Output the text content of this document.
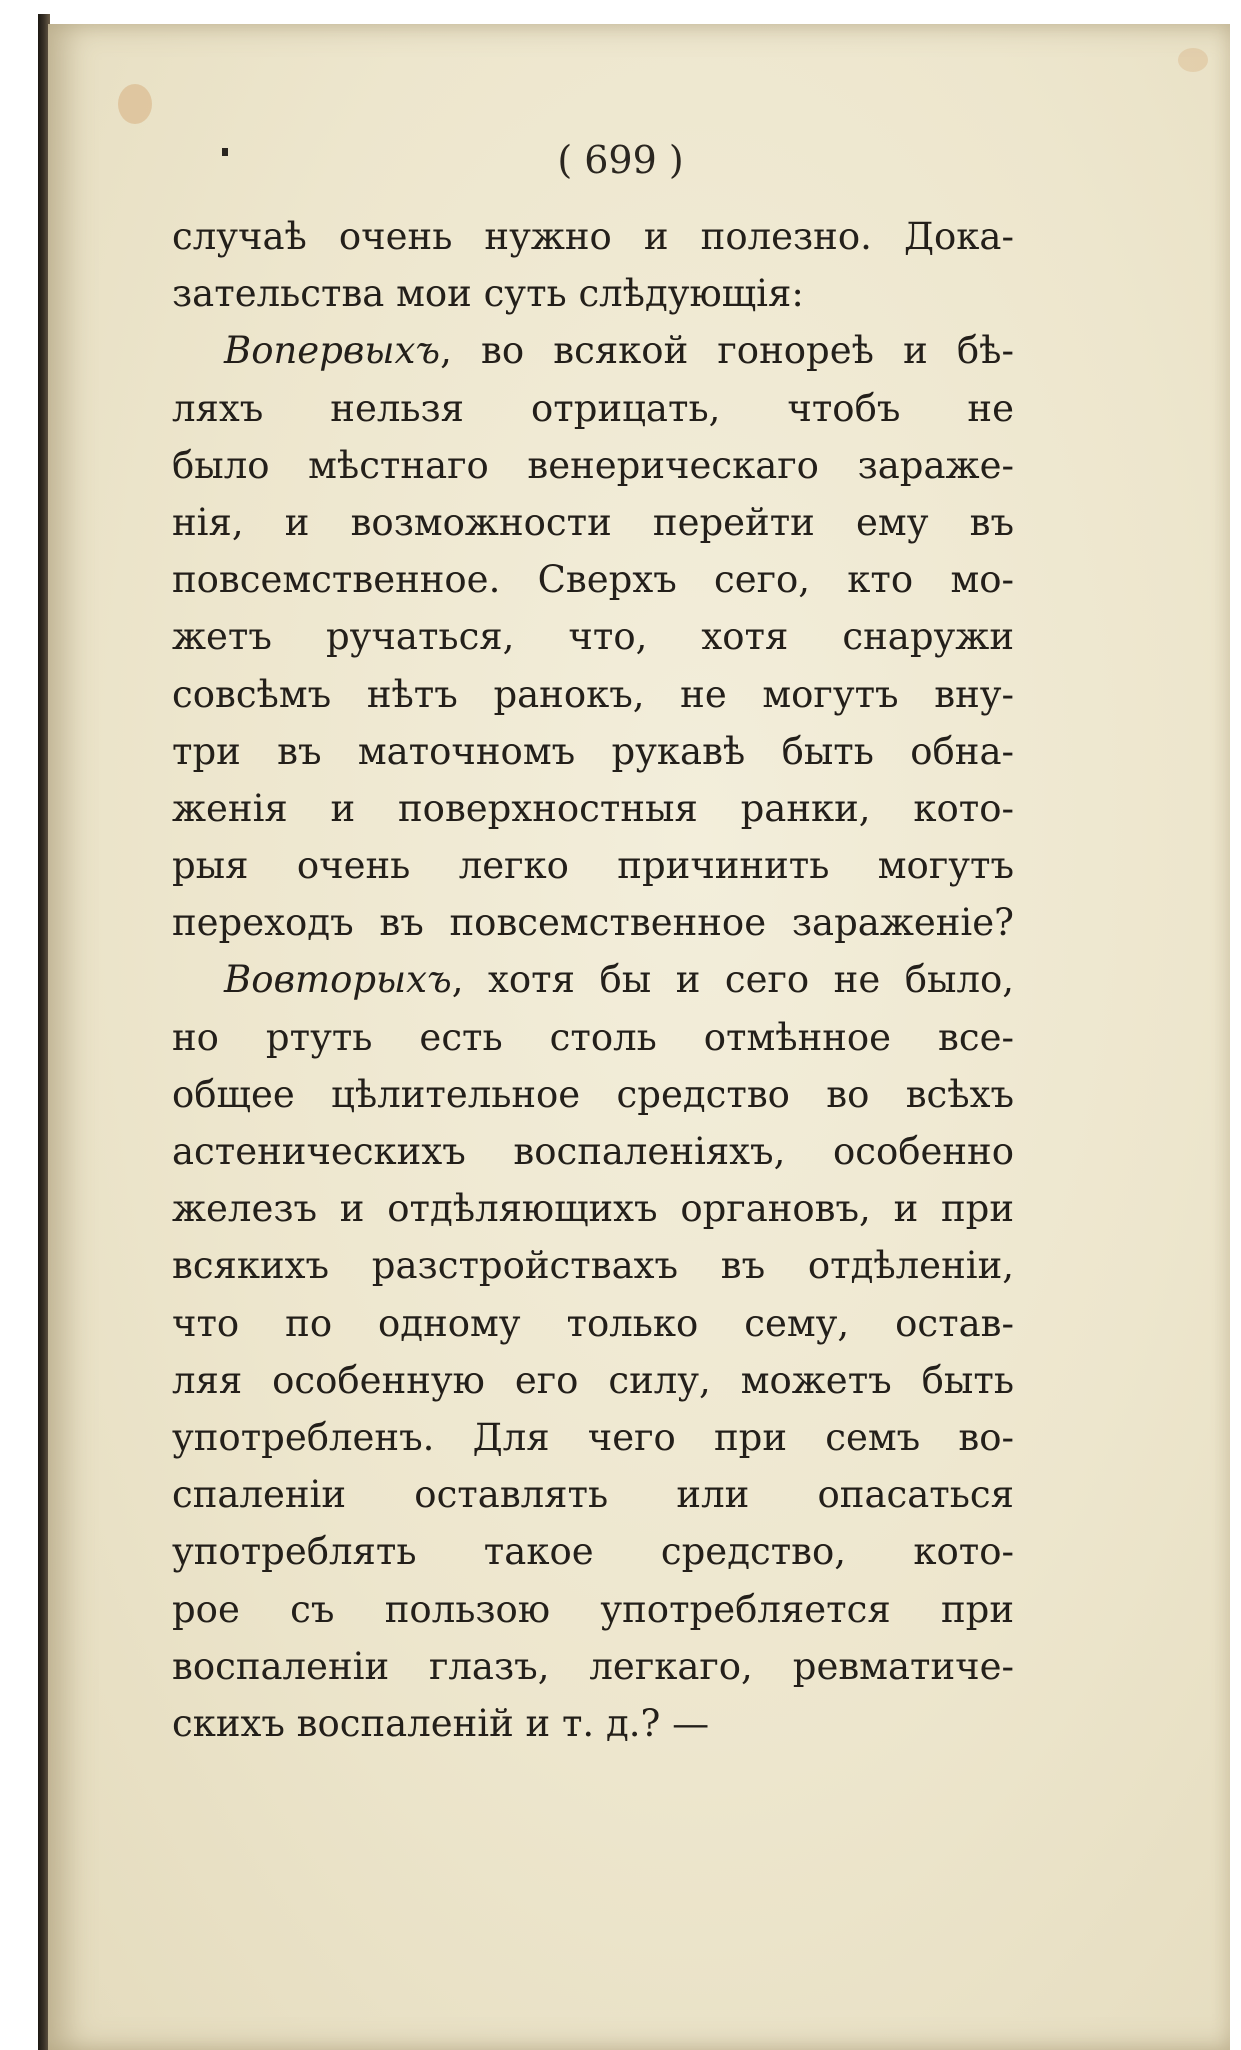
( 699 )
случаѣ очень нужно и полезно. Дока-
зательства мои суть слѣдующія:
Вопервыхъ, во всякой гонореѣ и бѣ-
ляхъ нельзя отрицать, чтобъ не
было мѣстнаго венерическаго зараже-
нія, и возможности перейти ему въ
повсемственное. Сверхъ сего, кто мо-
жетъ ручаться, что, хотя снаружи
совсѣмъ нѣтъ ранокъ, не могутъ вну-
три въ маточномъ рукавѣ быть обна-
женія и поверхностныя ранки, кото-
рыя очень легко причинить могутъ
переходъ въ повсемственное зараженіе?
Вовторыхъ, хотя бы и сего не было,
но ртуть есть столь отмѣнное все-
общее цѣлительное средство во всѣхъ
астеническихъ воспаленіяхъ, особенно
железъ и отдѣляющихъ органовъ, и при
всякихъ разстройствахъ въ отдѣленіи,
что по одному только сему, остав-
ляя особенную его силу, можетъ быть
употребленъ. Для чего при семъ во-
спаленіи оставлять или опасаться
употреблять такое средство, кото-
рое съ пользою употребляется при
воспаленіи глазъ, легкаго, ревматиче-
скихъ воспаленій и т. д.? —
